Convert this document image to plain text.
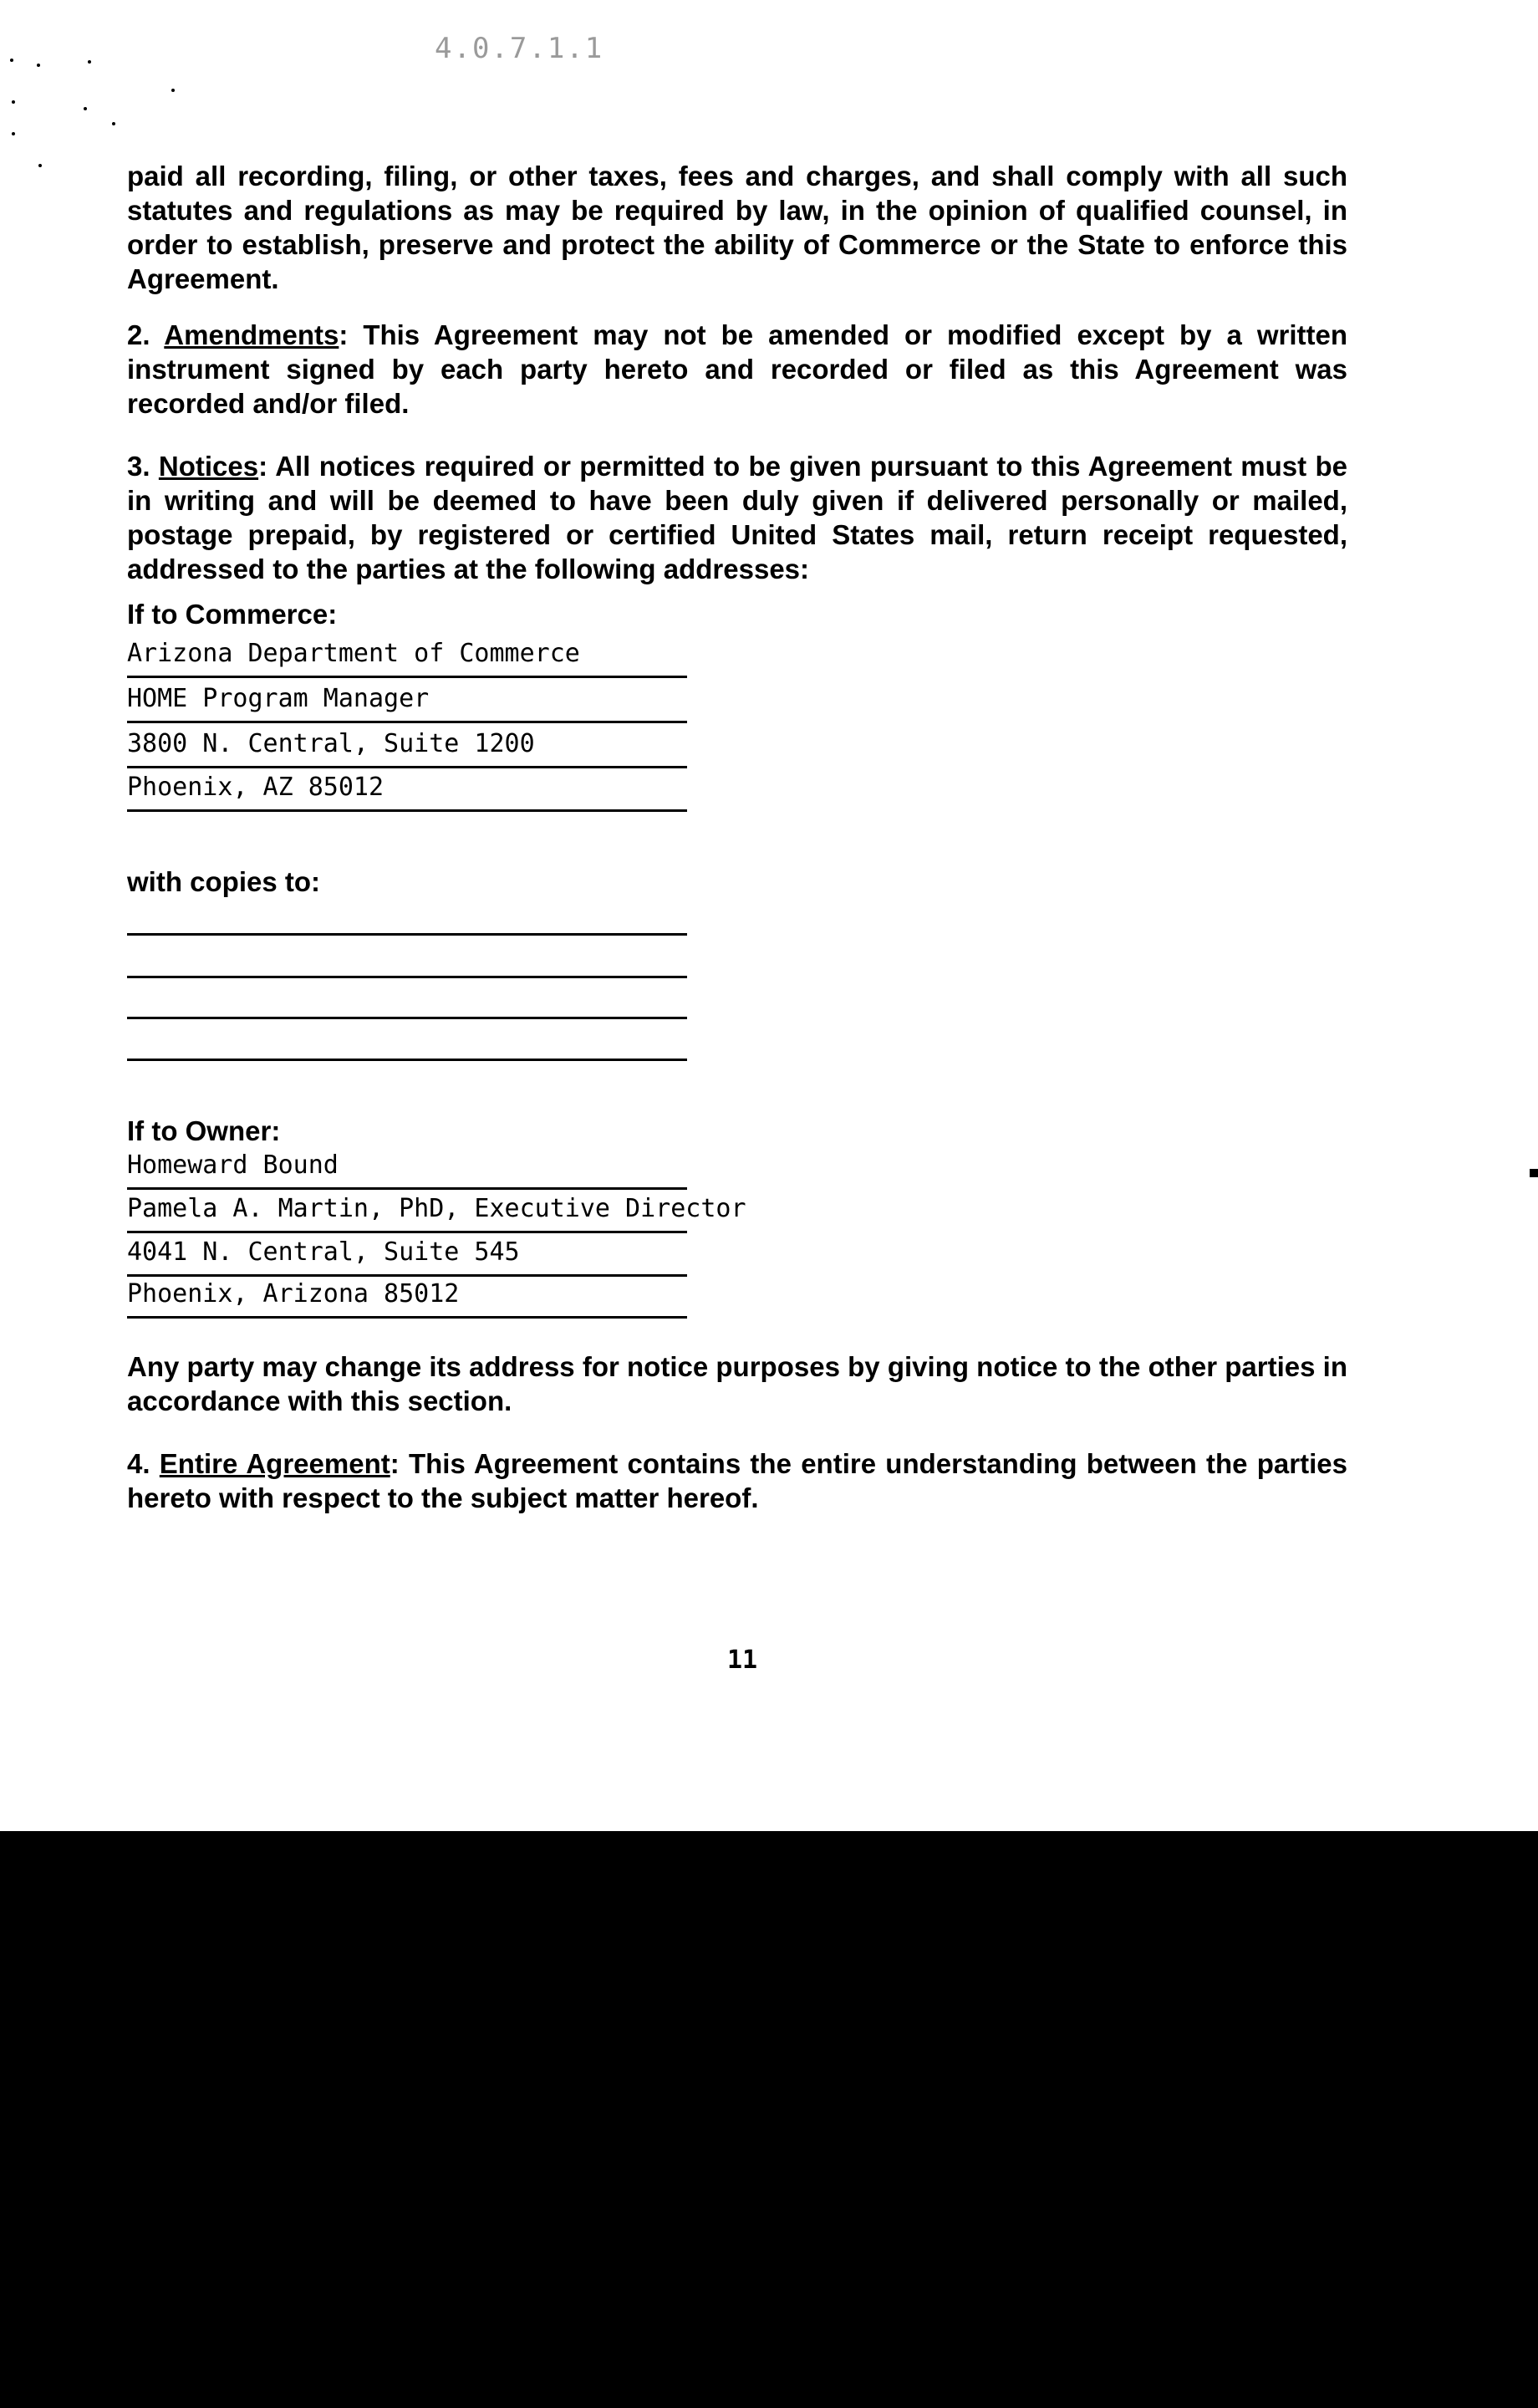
4.0.7.1.1
paid all recording, filing, or other taxes, fees and charges, and shall comply with all such statutes and regulations as may be required by law, in the opinion of qualified counsel, in order to establish, preserve and protect the ability of Commerce or the State to enforce this Agreement.
2. Amendments: This Agreement may not be amended or modified except by a written instrument signed by each party hereto and recorded or filed as this Agreement was recorded and/or filed.
3. Notices: All notices required or permitted to be given pursuant to this Agreement must be in writing and will be deemed to have been duly given if delivered personally or mailed, postage prepaid, by registered or certified United States mail, return receipt requested, addressed to the parties at the following addresses:
If to Commerce:
Arizona Department of Commerce
HOME Program Manager
3800 N. Central, Suite 1200
Phoenix, AZ 85012
with copies to:
If to Owner:
Homeward Bound
Pamela A. Martin, PhD, Executive Director
4041 N. Central, Suite 545
Phoenix, Arizona 85012
Any party may change its address for notice purposes by giving notice to the other parties in accordance with this section.
4. Entire Agreement: This Agreement contains the entire understanding between the parties hereto with respect to the subject matter hereof.
11
